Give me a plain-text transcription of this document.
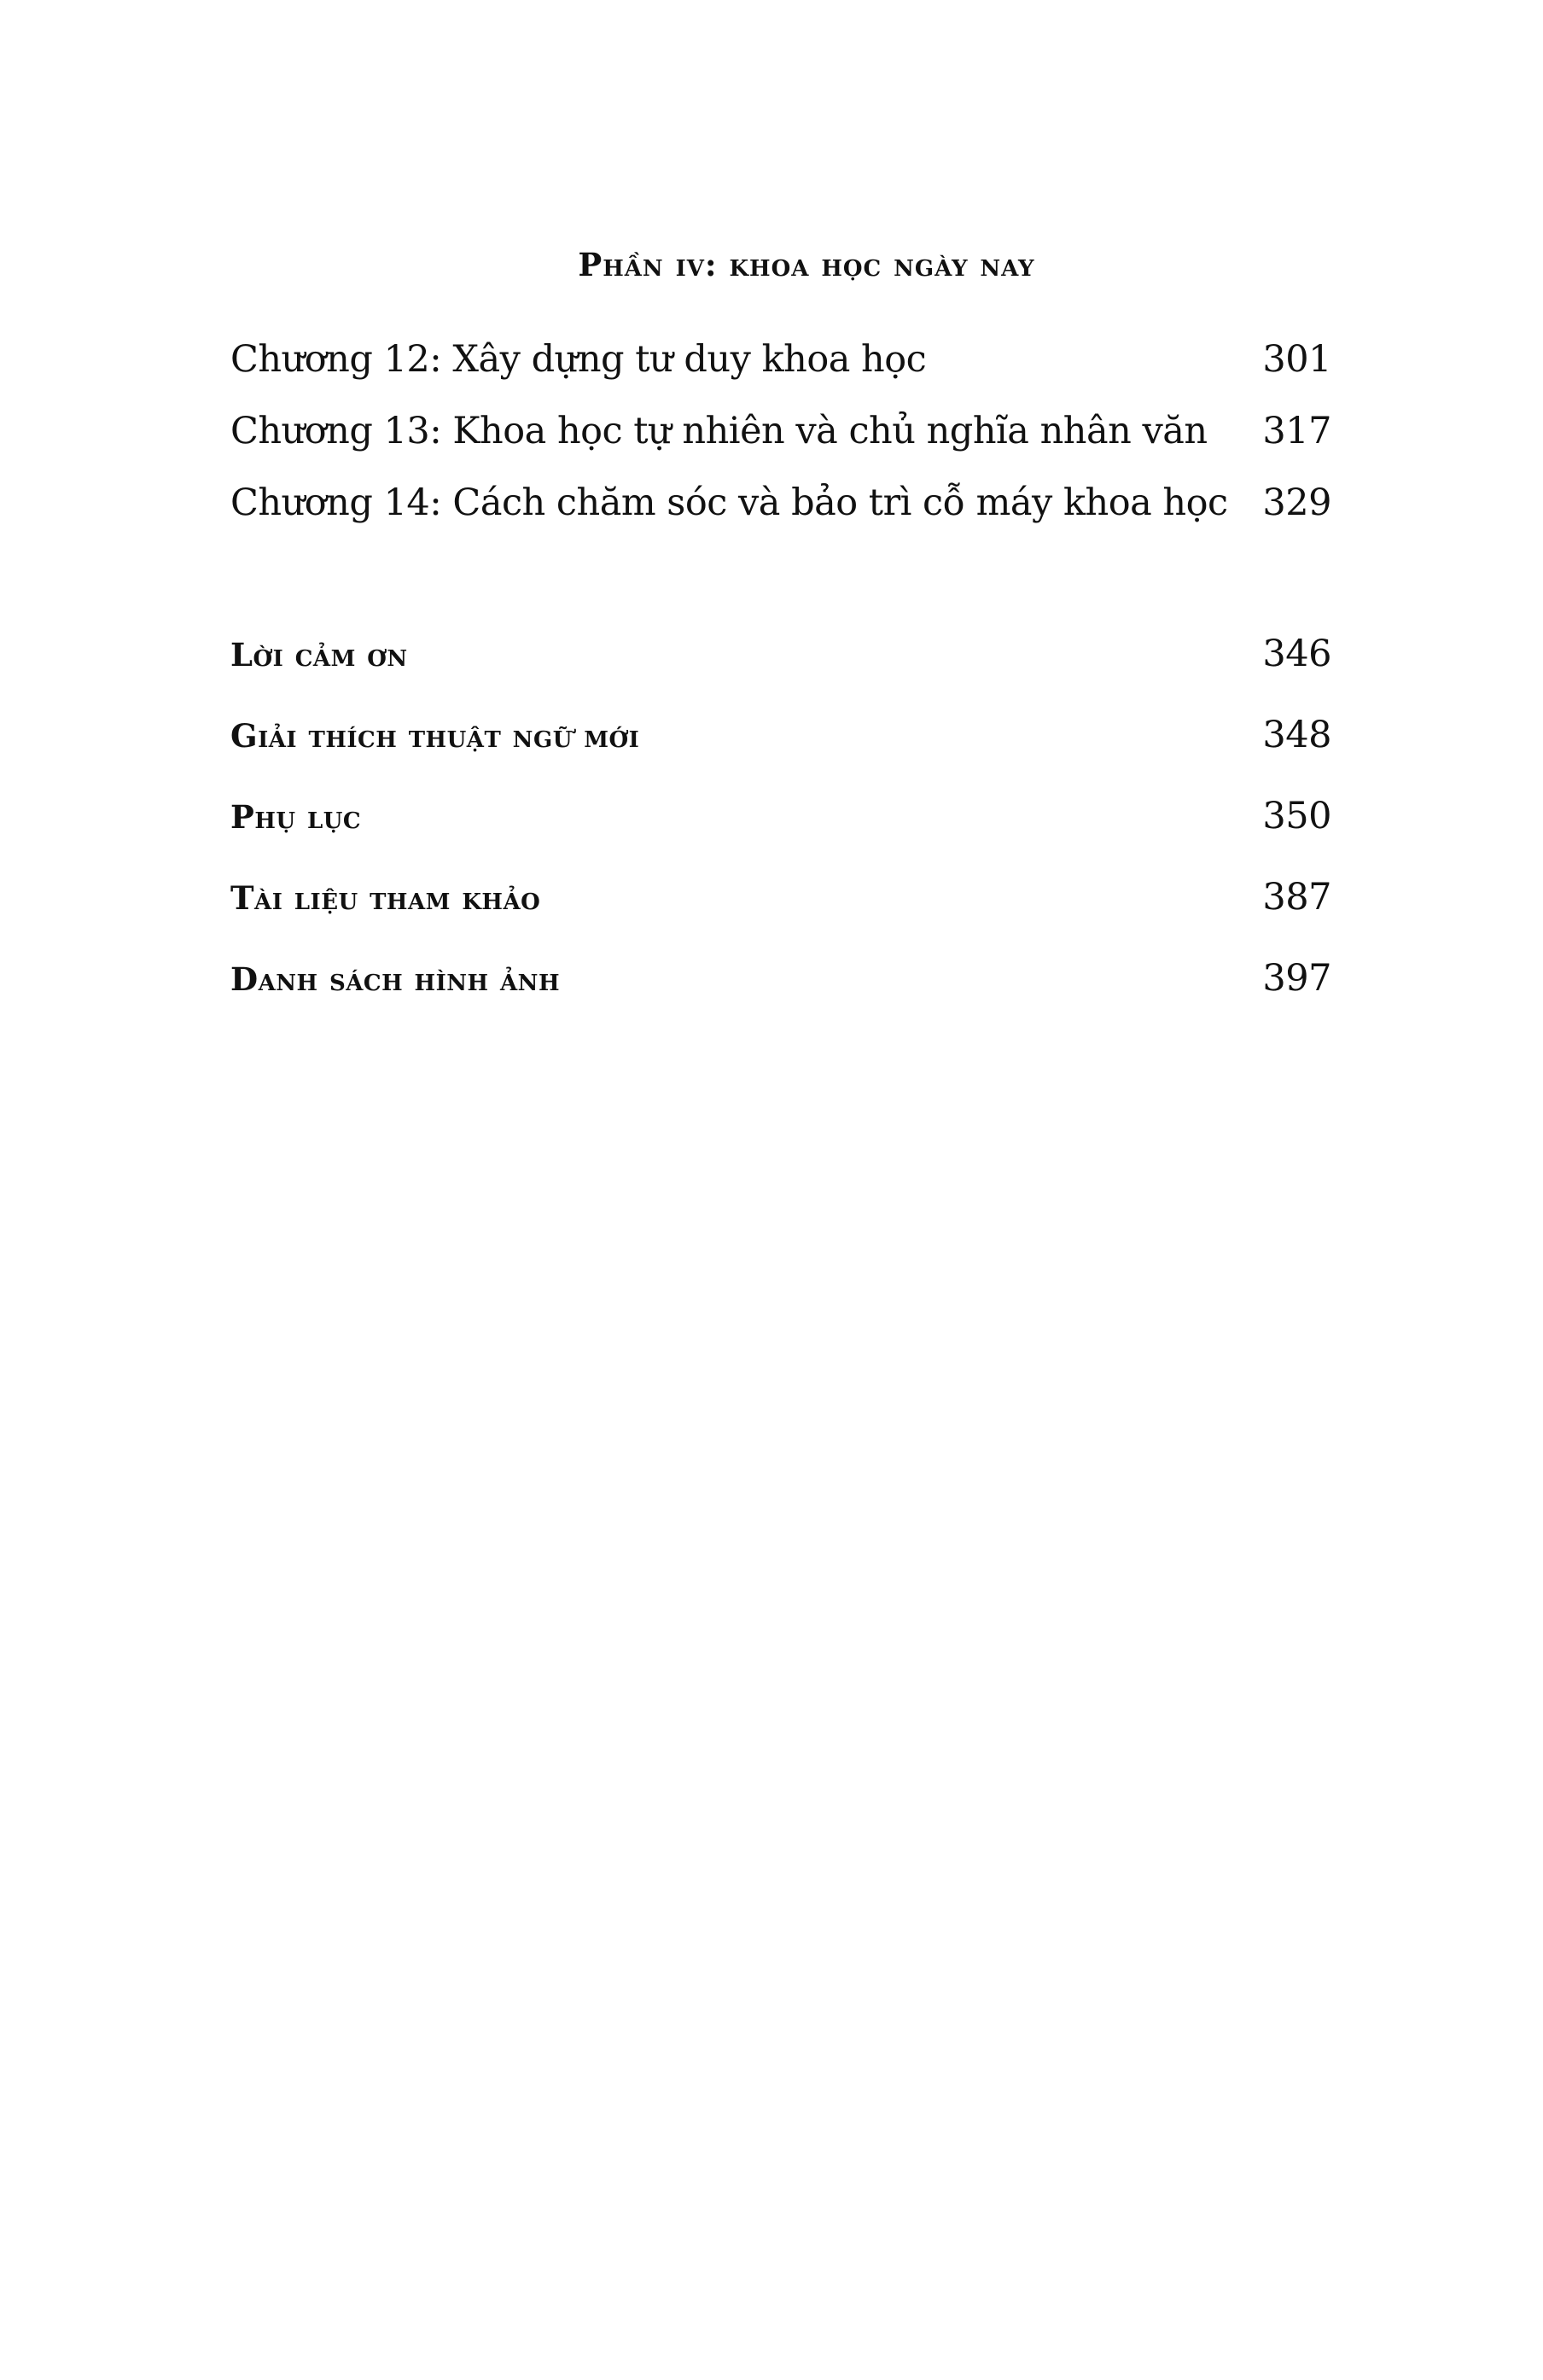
Phần iv: khoa học ngày nay
Chương 12: Xây dựng tư duy khoa học	301
Chương 13: Khoa học tự nhiên và chủ nghĩa nhân văn 317
Chương 14: Cách chăm sóc và bảo trì cỗ máy khoa học 329
Lời cảm ơn	346
Giải thích thuật ngữ mới	348
Phụ lục	350
Tài liệu tham khảo	387
Danh sách hình ảnh	397
